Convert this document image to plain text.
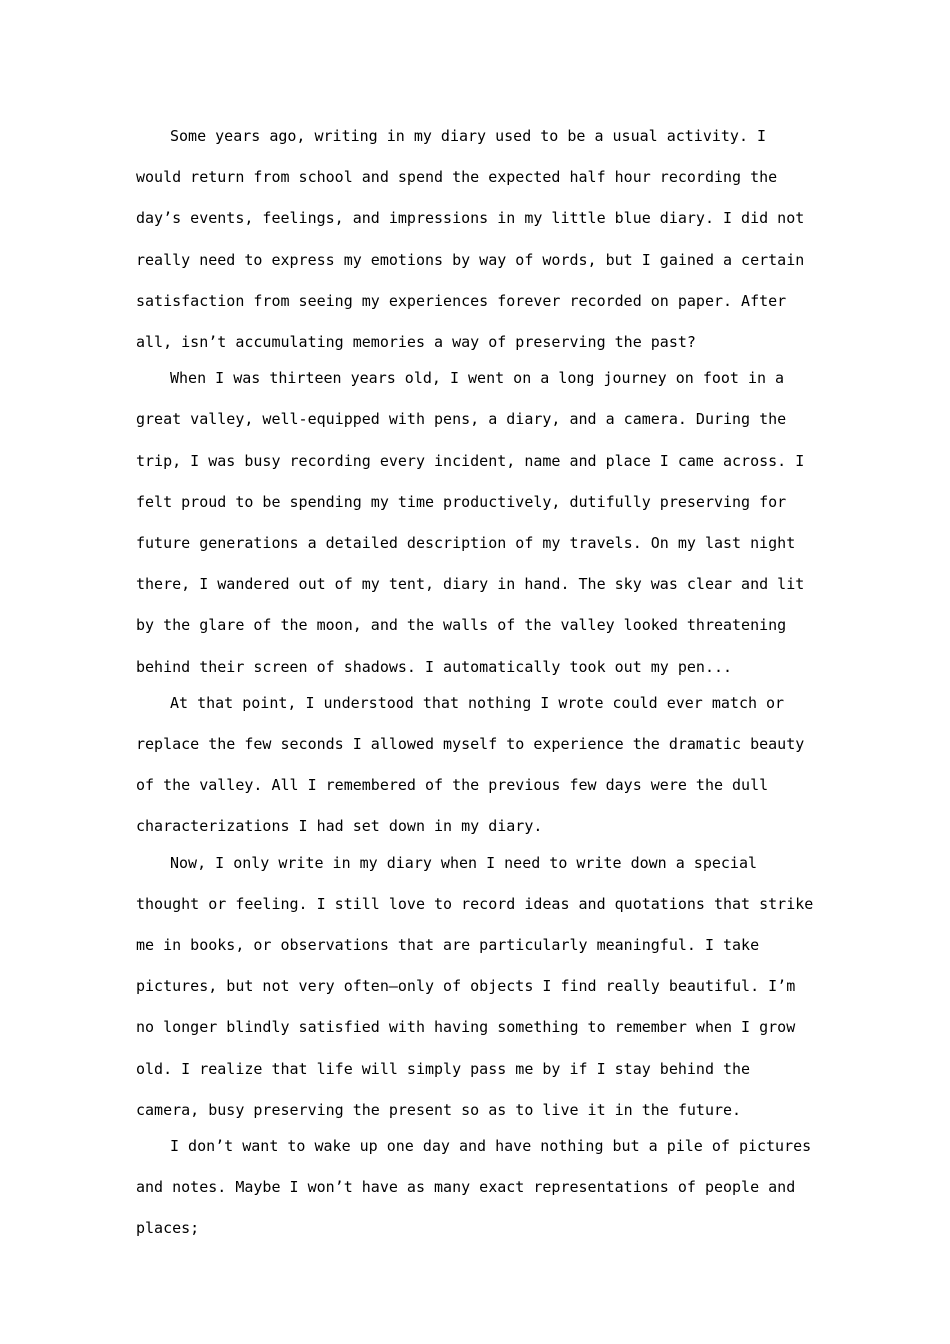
Some years ago, writing in my diary used to be a usual activity. I would return from school and spend the expected half hour recording the day’s events, feelings, and impressions in my little blue diary. I did not really need to express my emotions by way of words, but I gained a certain satisfaction from seeing my experiences forever recorded on paper. After all, isn’t accumulating memories a way of preserving the past?

When I was thirteen years old, I went on a long journey on foot in a great valley, well-equipped with pens, a diary, and a camera. During the trip, I was busy recording every incident, name and place I came across. I felt proud to be spending my time productively, dutifully preserving for future generations a detailed description of my travels. On my last night there, I wandered out of my tent, diary in hand. The sky was clear and lit by the glare of the moon, and the walls of the valley looked threatening behind their screen of shadows. I automatically took out my pen...

At that point, I understood that nothing I wrote could ever match or replace the few seconds I allowed myself to experience the dramatic beauty of the valley. All I remembered of the previous few days were the dull characterizations I had set down in my diary.

Now, I only write in my diary when I need to write down a special thought or feeling. I still love to record ideas and quotations that strike me in books, or observations that are particularly meaningful. I take pictures, but not very often—only of objects I find really beautiful. I’m no longer blindly satisfied with having something to remember when I grow old. I realize that life will simply pass me by if I stay behind the camera, busy preserving the present so as to live it in the future.

I don’t want to wake up one day and have nothing but a pile of pictures and notes. Maybe I won’t have as many exact representations of people and places;
